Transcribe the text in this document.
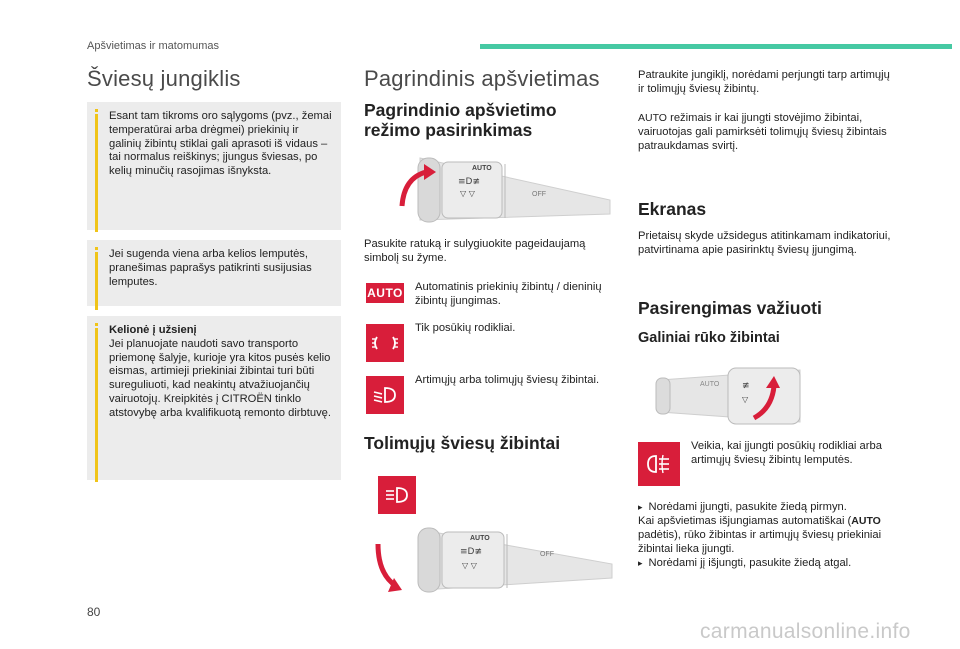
Apšvietimas ir matomumas
Šviesų jungiklis
Esant tam tikroms oro sąlygoms (pvz., žemai temperatūrai arba drėgmei) priekinių ir galinių žibintų stiklai gali aprasoti iš vidaus – tai normalus reiškinys; įjungus šviesas, po kelių minučių rasojimas išnyksta.
Jei sugenda viena arba kelios lemputės, pranešimas paprašys patikrinti susijusias lemputes.
Kelionė į užsienį
Jei planuojate naudoti savo transporto priemonę šalyje, kurioje yra kitos pusės kelio eismas, artimieji priekiniai žibintai turi būti sureguliuoti, kad neakintų atvažiuojančių vairuotojų. Kreipkitės į CITROËN tinklo atstovybę arba kvalifikuotą remonto dirbtuvę.
Pagrindinis apšvietimas
Pagrindinio apšvietimo
režimo pasirinkimas
AUTO
≡D≢
▽ ▽	OFF
Pasukite ratuką ir sulygiuokite pageidaujamą simbolį su žyme.
AUTO Automatinis priekinių žibintų / dieninių žibintų įjungimas.
Tik posūkių rodikliai.
Artimųjų arba tolimųjų šviesų žibintai.
Tolimųjų šviesų žibintai
AUTO
≡D≢
▽ ▽
OFF
Patraukite jungiklį, norėdami perjungti tarp artimųjų ir tolimųjų šviesų žibintų.
AUTO režimais ir kai įjungti stovėjimo žibintai, vairuotojas gali pamirksėti tolimųjų šviesų žibintais patraukdamas svirtį.
Ekranas
Prietaisų skyde užsidegus atitinkamam indikatoriui, patvirtinama apie pasirinktų šviesų įjungimą.
Pasirengimas važiuoti
Galiniai rūko žibintai
AUTO	≢
▽
Veikia, kai įjungti posūkių rodikliai arba artimųjų šviesų žibintų lemputės.
▸ Norėdami įjungti, pasukite žiedą pirmyn.
Kai apšvietimas išjungiamas automatiškai (AUTO padėtis), rūko žibintas ir artimųjų šviesų priekiniai žibintai lieka įjungti.
▸ Norėdami jį išjungti, pasukite žiedą atgal.
80
carmanualsonline.info
